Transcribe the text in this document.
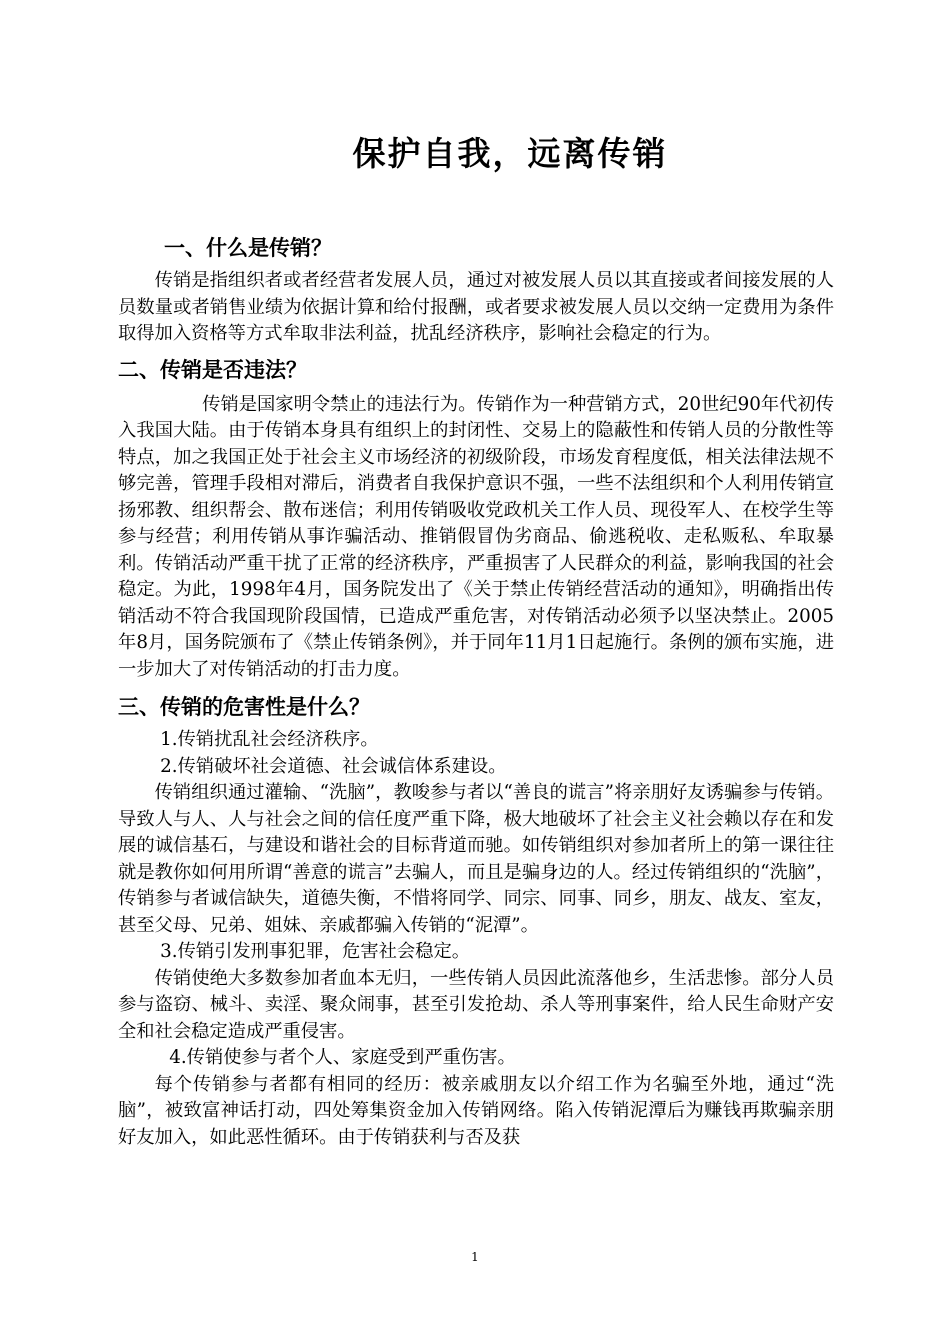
保护自我，远离传销
一、什么是传销？

传销是指组织者或者经营者发展人员，通过对被发展人员以其直接或者间接发展的人员数量或者销售业绩为依据计算和给付报酬，或者要求被发展人员以交纳一定费用为条件取得加入资格等方式牟取非法利益，扰乱经济秩序，影响社会稳定的行为。

二、传销是否违法？

传销是国家明令禁止的违法行为。传销作为一种营销方式，20世纪90年代初传入我国大陆。由于传销本身具有组织上的封闭性、交易上的隐蔽性和传销人员的分散性等特点，加之我国正处于社会主义市场经济的初级阶段，市场发育程度低，相关法律法规不够完善，管理手段相对滞后，消费者自我保护意识不强，一些不法组织和个人利用传销宣扬邪教、组织帮会、散布迷信；利用传销吸收党政机关工作人员、现役军人、在校学生等参与经营；利用传销从事诈骗活动、推销假冒伪劣商品、偷逃税收、走私贩私、牟取暴利。传销活动严重干扰了正常的经济秩序，严重损害了人民群众的利益，影响我国的社会稳定。为此，1998年4月，国务院发出了《关于禁止传销经营活动的通知》，明确指出传销活动不符合我国现阶段国情，已造成严重危害，对传销活动必须予以坚决禁止。2005年8月，国务院颁布了《禁止传销条例》，并于同年11月1日起施行。条例的颁布实施，进一步加大了对传销活动的打击力度。

三、传销的危害性是什么？

1.传销扰乱社会经济秩序。

2.传销破坏社会道德、社会诚信体系建设。

传销组织通过灌输、“洗脑”，教唆参与者以“善良的谎言”将亲朋好友诱骗参与传销。导致人与人、人与社会之间的信任度严重下降，极大地破坏了社会主义社会赖以存在和发展的诚信基石，与建设和谐社会的目标背道而驰。如传销组织对参加者所上的第一课往往就是教你如何用所谓“善意的谎言”去骗人，而且是骗身边的人。经过传销组织的“洗脑”，传销参与者诚信缺失，道德失衡，不惜将同学、同宗、同事、同乡，朋友、战友、室友，甚至父母、兄弟、姐妹、亲戚都骗入传销的“泥潭”。

3.传销引发刑事犯罪，危害社会稳定。

传销使绝大多数参加者血本无归，一些传销人员因此流落他乡，生活悲惨。部分人员参与盗窃、械斗、卖淫、聚众闹事，甚至引发抢劫、杀人等刑事案件，给人民生命财产安全和社会稳定造成严重侵害。

4.传销使参与者个人、家庭受到严重伤害。

每个传销参与者都有相同的经历：被亲戚朋友以介绍工作为名骗至外地，通过“洗脑”，被致富神话打动，四处筹集资金加入传销网络。陷入传销泥潭后为赚钱再欺骗亲朋好友加入，如此恶性循环。由于传销获利与否及获

1
